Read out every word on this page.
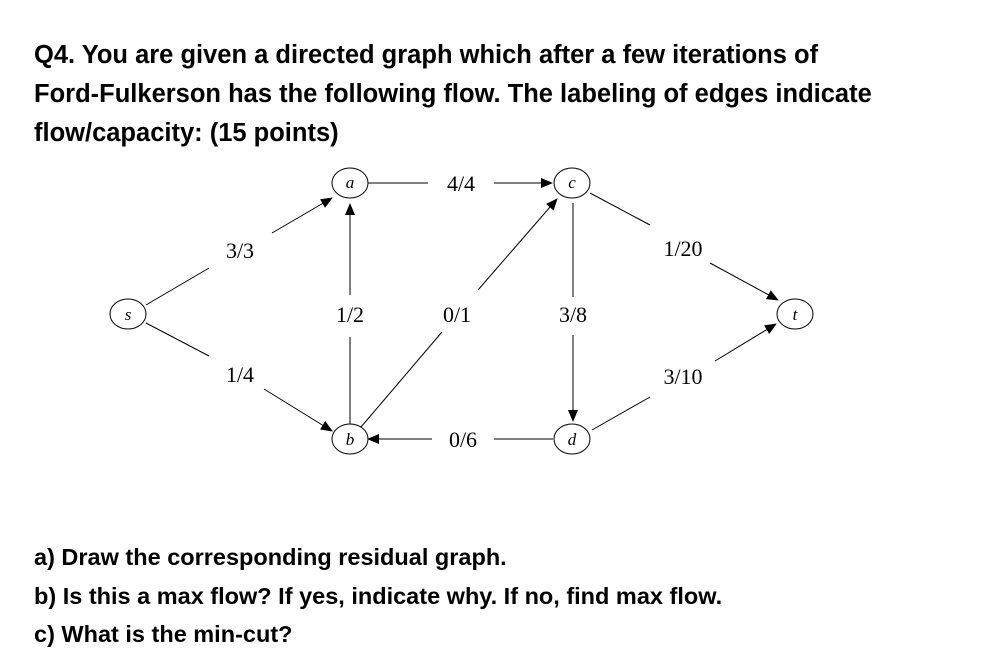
Q4. You are given a directed graph which after a few iterations of
Ford-Fulkerson has the following flow. The labeling of edges indicate
flow/capacity: (15 points)
3/3
1/4
1/2
4/4
0/1	3/8
0/6
1/20
3/10
s
a	c
t
b	d
a) Draw the corresponding residual graph.
b) Is this a max flow? If yes, indicate why. If no, find max flow.
c) What is the min-cut?
